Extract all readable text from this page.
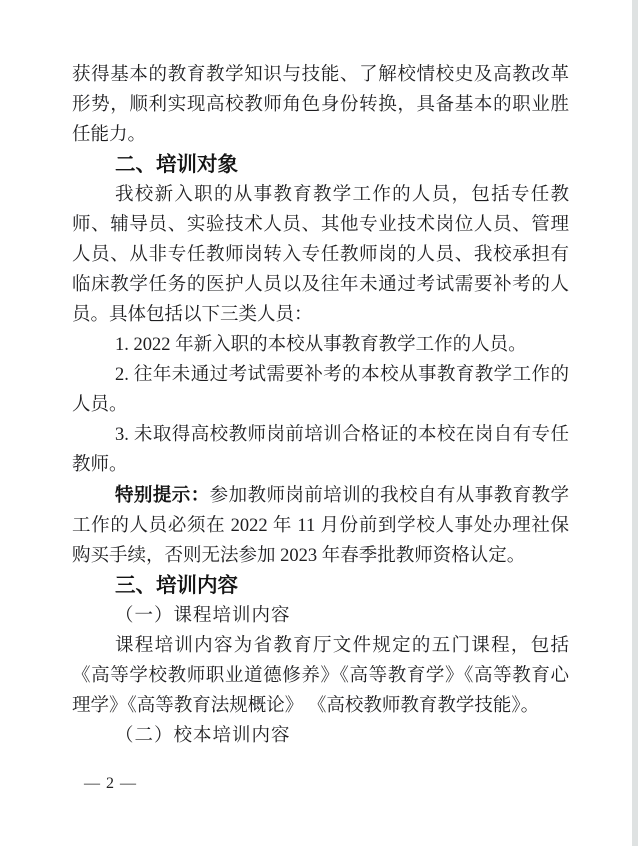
获得基本的教育教学知识与技能、了解校情校史及高教改革形势，顺利实现高校教师角色身份转换，具备基本的职业胜任能力。

二、培训对象

我校新入职的从事教育教学工作的人员，包括专任教师、辅导员、实验技术人员、其他专业技术岗位人员、管理人员、从非专任教师岗转入专任教师岗的人员、我校承担有临床教学任务的医护人员以及往年未通过考试需要补考的人员。具体包括以下三类人员：

1. 2022 年新入职的本校从事教育教学工作的人员。

2. 往年未通过考试需要补考的本校从事教育教学工作的人员。

3. 未取得高校教师岗前培训合格证的本校在岗自有专任教师。

特别提示：参加教师岗前培训的我校自有从事教育教学工作的人员必须在 2022 年 11 月份前到学校人事处办理社保购买手续，否则无法参加 2023 年春季批教师资格认定。

三、培训内容

（一）课程培训内容

课程培训内容为省教育厅文件规定的五门课程，包括《高等学校教师职业道德修养》《高等教育学》《高等教育心理学》《高等教育法规概论》 《高校教师教育教学技能》。

（二）校本培训内容

— 2 —
